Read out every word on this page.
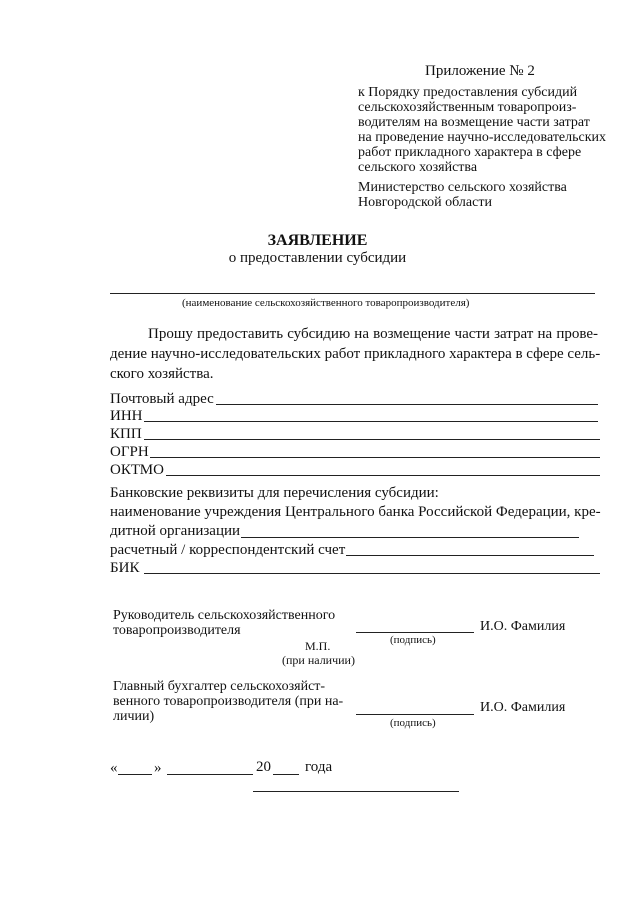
Приложение № 2
к Порядку предоставления субсидий
сельскохозяйственным товаропроиз-
водителям на возмещение части затрат
на проведение научно-исследовательских
работ прикладного характера в сфере
сельского хозяйства
Министерство сельского хозяйства
Новгородской области
ЗАЯВЛЕНИЕ
о предоставлении субсидии
(наименование сельскохозяйственного товаропроизводителя)
Прошу предоставить субсидию на возмещение части затрат на прове-
дение научно-исследовательских работ прикладного характера в сфере сель-
ского хозяйства.
Почтовый адрес
ИНН
КПП
ОГРН
ОКТМО
Банковские реквизиты для перечисления субсидии:
наименование учреждения Центрального банка Российской Федерации, кре-
дитной организации
расчетный / корреспондентский счет
БИК
Руководитель сельскохозяйственного
товаропроизводителя
(подпись)
И.О. Фамилия
М.П.
(при наличии)
Главный бухгалтер сельскохозяйст-
венного товаропроизводителя (при на-
личии)	(подпись)
И.О. Фамилия
« »	20 года
